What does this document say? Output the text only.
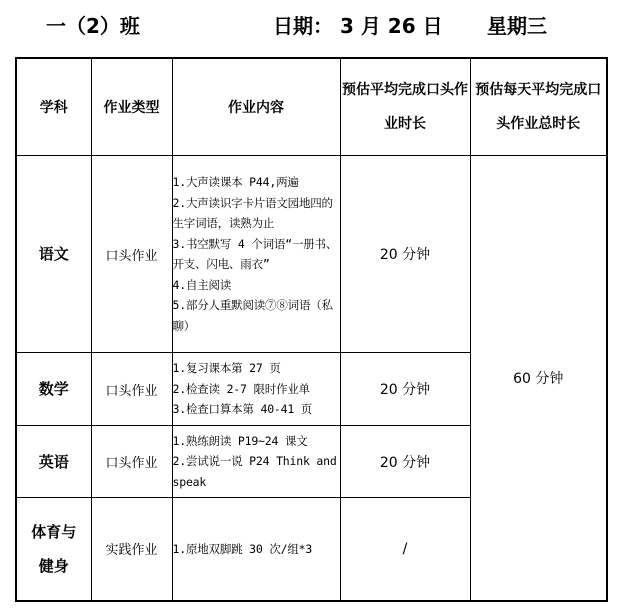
一（2）班	日期： 3 月 26 日 星期三
学科	作业类型	作业内容	预估平均完成口头作业时长	预估每天平均完成口头作业总时长
语文	口头作业	1.大声读课本 P44,两遍
2.大声读识字卡片语文园地四的生字词语，读熟为止
3.书空默写 4 个词语“一册书、开支、闪电、雨衣”
4.自主阅读
5.部分人重默阅读⑦⑧词语（私聊）	20 分钟	60 分钟
数学	口头作业	1.复习课本第 27 页
2.检查读 2-7 限时作业单
3.检查口算本第 40-41 页	20 分钟	
英语	口头作业	1.熟练朗读 P19~24 课文
2.尝试说一说 P24 Think and speak	20 分钟	
体育与健身	实践作业	1.原地双脚跳 30 次/组*3	/	
